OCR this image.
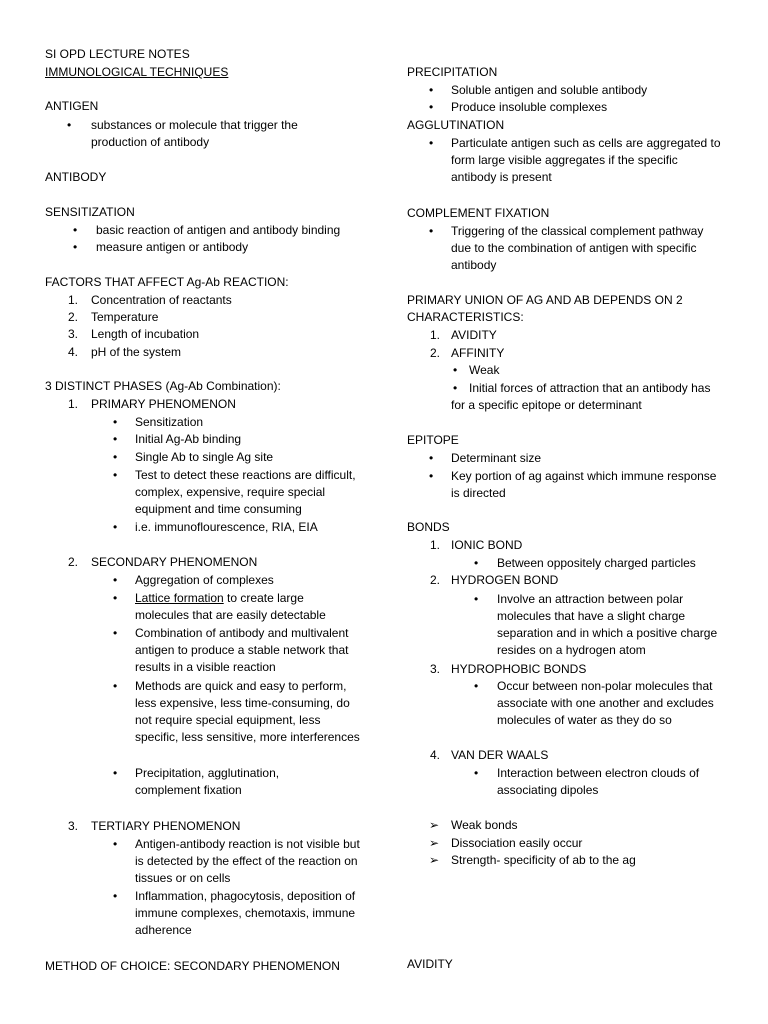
SI OPD LECTURE NOTES
IMMUNOLOGICAL TECHNIQUES
ANTIGEN
• substances or molecule that trigger the production of antibody
ANTIBODY
SENSITIZATION
• basic reaction of antigen and antibody binding
• measure antigen or antibody
FACTORS THAT AFFECT Ag-Ab REACTION:
1. Concentration of reactants
2. Temperature
3. Length of incubation
4. pH of the system
3 DISTINCT PHASES (Ag-Ab Combination):
1. PRIMARY PHENOMENON
• Sensitization
• Initial Ag-Ab binding
• Single Ab to single Ag site
• Test to detect these reactions are difficult, complex, expensive, require special equipment and time consuming
• i.e. immunoflourescence, RIA, EIA
2. SECONDARY PHENOMENON
• Aggregation of complexes
• Lattice formation to create large molecules that are easily detectable
• Combination of antibody and multivalent antigen to produce a stable network that results in a visible reaction
• Methods are quick and easy to perform, less expensive, less time-consuming, do not require special equipment, less specific, less sensitive, more interferences
• Precipitation, agglutination, complement fixation
3. TERTIARY PHENOMENON
• Antigen-antibody reaction is not visible but is detected by the effect of the reaction on tissues or on cells
• Inflammation, phagocytosis, deposition of immune complexes, chemotaxis, immune adherence
METHOD OF CHOICE: SECONDARY PHENOMENON
PRECIPITATION
• Soluble antigen and soluble antibody
• Produce insoluble complexes
AGGLUTINATION
• Particulate antigen such as cells are aggregated to form large visible aggregates if the specific antibody is present
COMPLEMENT FIXATION
• Triggering of the classical complement pathway due to the combination of antigen with specific antibody
PRIMARY UNION OF AG AND AB DEPENDS ON 2 CHARACTERISTICS:
1. AVIDITY
2. AFFINITY
• Weak
• Initial forces of attraction that an antibody has for a specific epitope or determinant
EPITOPE
• Determinant size
• Key portion of ag against which immune response is directed
BONDS
1. IONIC BOND
• Between oppositely charged particles
2. HYDROGEN BOND
• Involve an attraction between polar molecules that have a slight charge separation and in which a positive charge resides on a hydrogen atom
3. HYDROPHOBIC BONDS
• Occur between non-polar molecules that associate with one another and excludes molecules of water as they do so
4. VAN DER WAALS
• Interaction between electron clouds of associating dipoles
➢ Weak bonds
➢ Dissociation easily occur
➢ Strength- specificity of ab to the ag
AVIDITY
